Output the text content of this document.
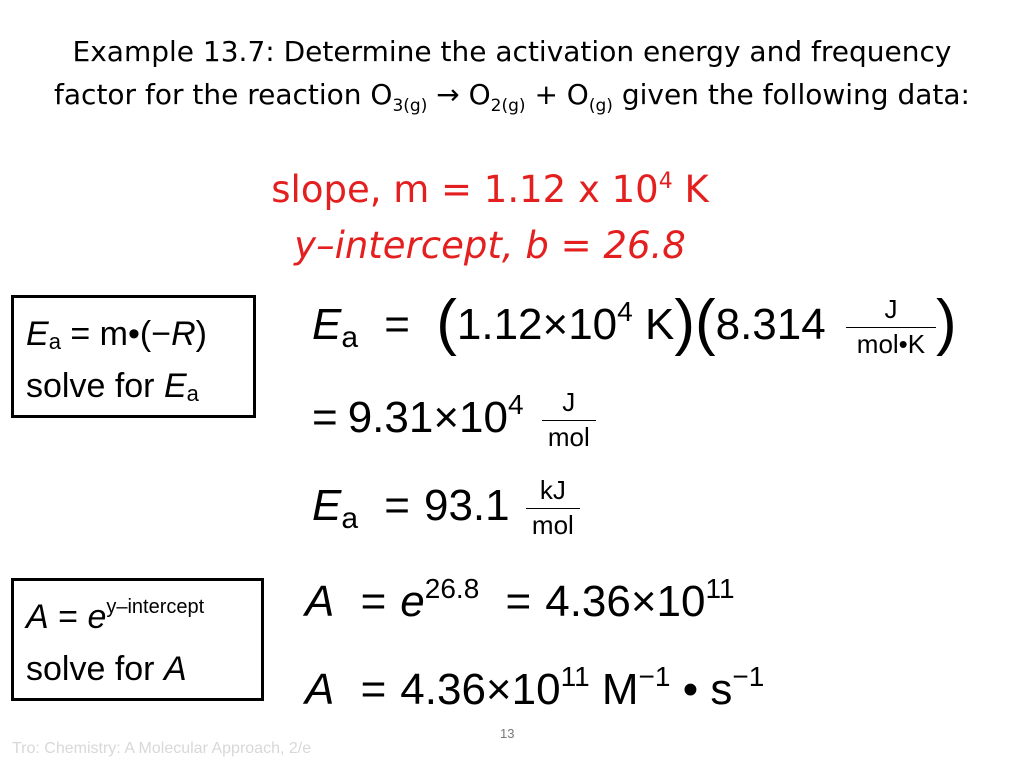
Example 13.7: Determine the activation energy and frequency factor for the reaction $O_{3(g)} \to O_{2(g)} + O_{(g)}$ given the following data:
slope, m = 1.12 x $10^4$ K
y–intercept, b = 26.8
$E_a$ = m•(−R)
solve for $E_a$
$A = e^{y-intercept}$
solve for A
$E_a = (1.12\times 10^4$ $K)(8.314 \frac{J}{\text{mol•K}}$ )
= $9.31\times 10^4 \frac{J}{\text{mol}}$
$E_a = 93.1 \frac{kJ}{\text{mol}}$
$A = e^{26.8} = 4.36\times 10^{11}$
$A = 4.36\times 10^{11}$ $M^{-1}$ • $s^{-1}$
Tro: Chemistry: A Molecular Approach, 2/e
13
